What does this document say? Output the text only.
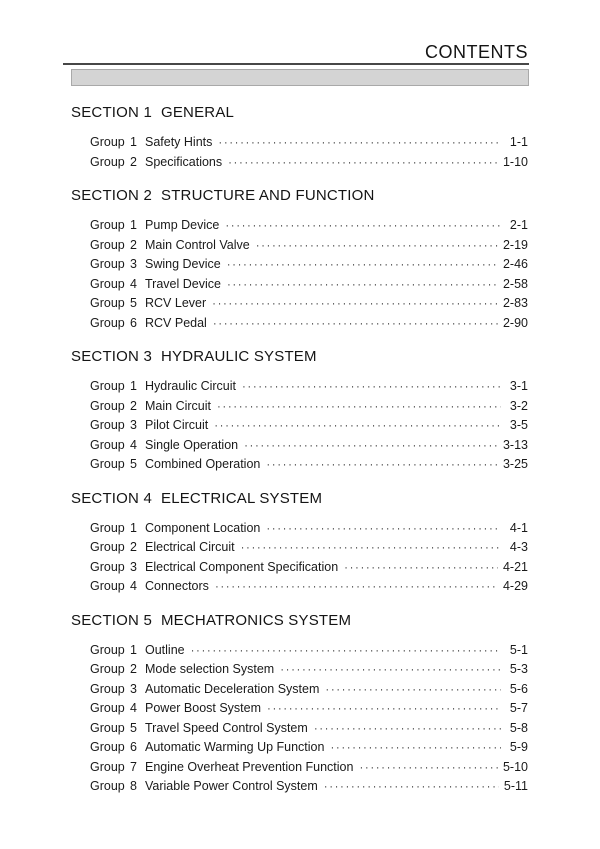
CONTENTS
SECTION 1 GENERAL
Group 1 Safety Hints ·····	1-1
Group 2 Specifications ·····	1-10
SECTION 2 STRUCTURE AND FUNCTION
Group 1 Pump Device ·····	2-1
Group 2 Main Control Valve ·····	2-19
Group 3 Swing Device ·····	2-46
Group 4 Travel Device ·····	2-58
Group 5 RCV Lever ·····	2-83
Group 6 RCV Pedal ·····	2-90
SECTION 3 HYDRAULIC SYSTEM
Group 1 Hydraulic Circuit ·····	3-1
Group 2 Main Circuit ·····	3-2
Group 3 Pilot Circuit ·····	3-5
Group 4 Single Operation ·····	3-13
Group 5 Combined Operation ·····	3-25
SECTION 4 ELECTRICAL SYSTEM
Group 1 Component Location ·····	4-1
Group 2 Electrical Circuit ·····	4-3
Group 3 Electrical Component Specification ·····	4-21
Group 4 Connectors ·····	4-29
SECTION 5 MECHATRONICS SYSTEM
Group 1 Outline ·····	5-1
Group 2 Mode selection System ·····	5-3
Group 3 Automatic Deceleration System ·····	5-6
Group 4 Power Boost System ·····	5-7
Group 5 Travel Speed Control System ·····	5-8
Group 6 Automatic Warming Up Function ·····	5-9
Group 7 Engine Overheat Prevention Function ·····	5-10
Group 8 Variable Power Control System ·····	5-11
